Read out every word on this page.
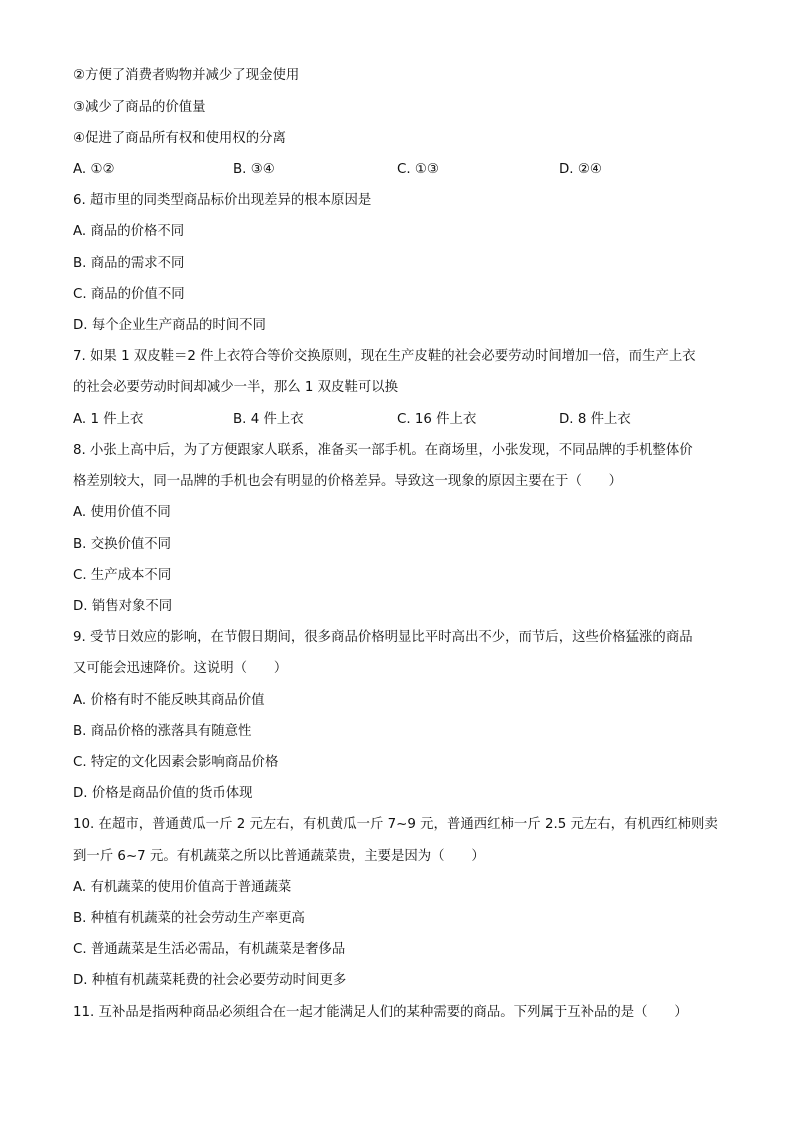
②方便了消费者购物并减少了现金使用
③减少了商品的价值量
④促进了商品所有权和使用权的分离
A. ①②	B. ③④	C. ①③	D. ②④
6. 超市里的同类型商品标价出现差异的根本原因是
A. 商品的价格不同
B. 商品的需求不同
C. 商品的价值不同
D. 每个企业生产商品的时间不同
7. 如果 1 双皮鞋＝2 件上衣符合等价交换原则，现在生产皮鞋的社会必要劳动时间增加一倍，而生产上衣
的社会必要劳动时间却减少一半，那么 1 双皮鞋可以换
A. 1 件上衣	B. 4 件上衣	C. 16 件上衣	D. 8 件上衣
8. 小张上高中后，为了方便跟家人联系，准备买一部手机。在商场里，小张发现，不同品牌的手机整体价
格差别较大，同一品牌的手机也会有明显的价格差异。导致这一现象的原因主要在于（　　）
A. 使用价值不同
B. 交换价值不同
C. 生产成本不同
D. 销售对象不同
9. 受节日效应的影响，在节假日期间，很多商品价格明显比平时高出不少，而节后，这些价格猛涨的商品
又可能会迅速降价。这说明（　　）
A. 价格有时不能反映其商品价值
B. 商品价格的涨落具有随意性
C. 特定的文化因素会影响商品价格
D. 价格是商品价值的货币体现
10. 在超市，普通黄瓜一斤 2 元左右，有机黄瓜一斤 7~9 元，普通西红柿一斤 2.5 元左右，有机西红柿则卖
到一斤 6~7 元。有机蔬菜之所以比普通蔬菜贵，主要是因为（　　）
A. 有机蔬菜的使用价值高于普通蔬菜
B. 种植有机蔬菜的社会劳动生产率更高
C. 普通蔬菜是生活必需品，有机蔬菜是奢侈品
D. 种植有机蔬菜耗费的社会必要劳动时间更多
11. 互补品是指两种商品必须组合在一起才能满足人们的某种需要的商品。下列属于互补品的是（　　）
